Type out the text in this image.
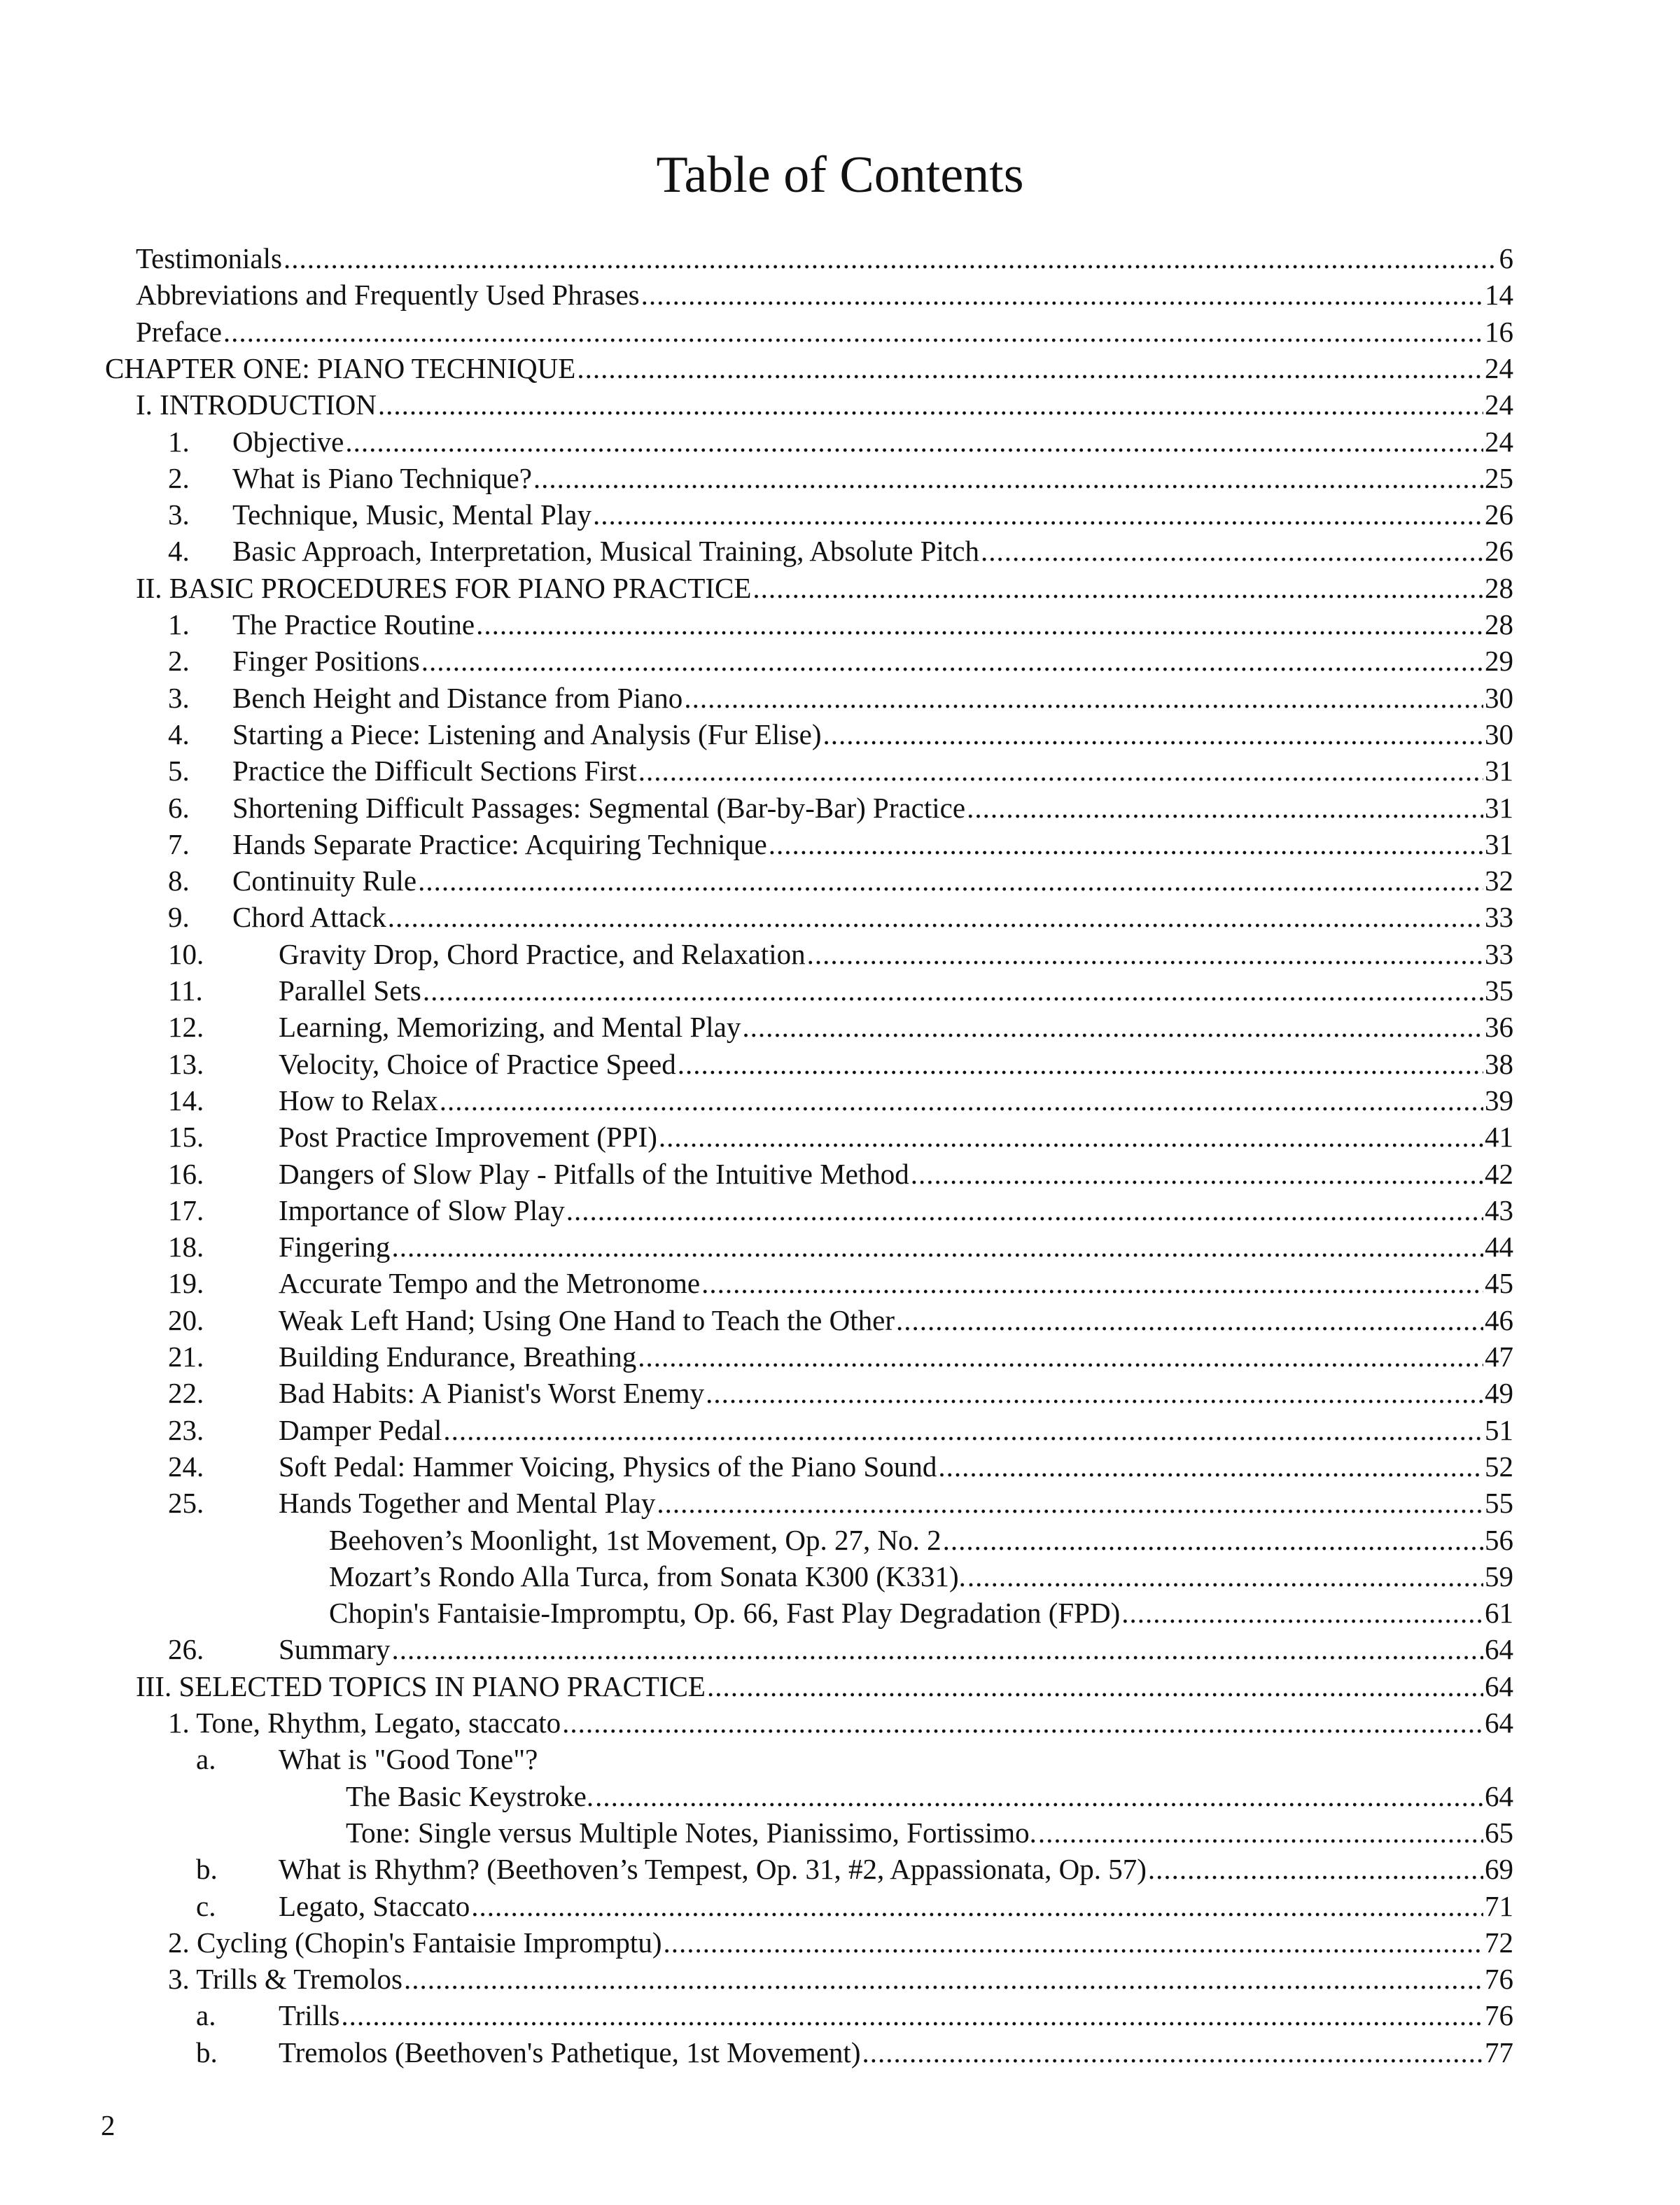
Table of Contents
Testimonials .....	6
Abbreviations and Frequently Used Phrases .....	14
Preface .....	16
CHAPTER ONE: PIANO TECHNIQUE .....	24
I. INTRODUCTION .....	24
1.	Objective .....	24
2.	What is Piano Technique? .....	25
3.	Technique, Music, Mental Play .....	26
4.	Basic Approach, Interpretation, Musical Training, Absolute Pitch .....	26
II. BASIC PROCEDURES FOR PIANO PRACTICE .....	28
1.	The Practice Routine .....	28
2.	Finger Positions .....	29
3.	Bench Height and Distance from Piano .....	30
4.	Starting a Piece: Listening and Analysis (Fur Elise) .....	30
5.	Practice the Difficult Sections First .....	31
6.	Shortening Difficult Passages: Segmental (Bar-by-Bar) Practice .....	31
7.	Hands Separate Practice: Acquiring Technique .....	31
8.	Continuity Rule .....	32
9.	Chord Attack .....	33
10.	Gravity Drop, Chord Practice, and Relaxation .....	33
11.	Parallel Sets .....	35
12.	Learning, Memorizing, and Mental Play .....	36
13.	Velocity, Choice of Practice Speed .....	38
14.	How to Relax .....	39
15.	Post Practice Improvement (PPI) .....	41
16.	Dangers of Slow Play - Pitfalls of the Intuitive Method .....	42
17.	Importance of Slow Play .....	43
18.	Fingering .....	44
19.	Accurate Tempo and the Metronome .....	45
20.	Weak Left Hand; Using One Hand to Teach the Other .....	46
21.	Building Endurance, Breathing .....	47
22.	Bad Habits: A Pianist's Worst Enemy .....	49
23.	Damper Pedal .....	51
24.	Soft Pedal: Hammer Voicing, Physics of the Piano Sound .....	52
25.	Hands Together and Mental Play .....	55
Beehoven’s Moonlight, 1st Movement, Op. 27, No. 2 .....	56
Mozart’s Rondo Alla Turca, from Sonata K300 (K331). .....	59
Chopin's Fantaisie-Impromptu, Op. 66, Fast Play Degradation (FPD) .....	61
26.	Summary .....	64
III. SELECTED TOPICS IN PIANO PRACTICE .....	64
1. Tone, Rhythm, Legato, staccato .....	64
a.	What is "Good Tone"?
The Basic Keystroke. .....	64
Tone: Single versus Multiple Notes, Pianissimo, Fortissimo. .....	65
b.	What is Rhythm? (Beethoven’s Tempest, Op. 31, #2, Appassionata, Op. 57) .....	69
c.	Legato, Staccato .....	71
2. Cycling (Chopin's Fantaisie Impromptu) .....	72
3. Trills & Tremolos .....	76
a.	Trills .....	76
b.	Tremolos (Beethoven's Pathetique, 1st Movement) .....	77
2
